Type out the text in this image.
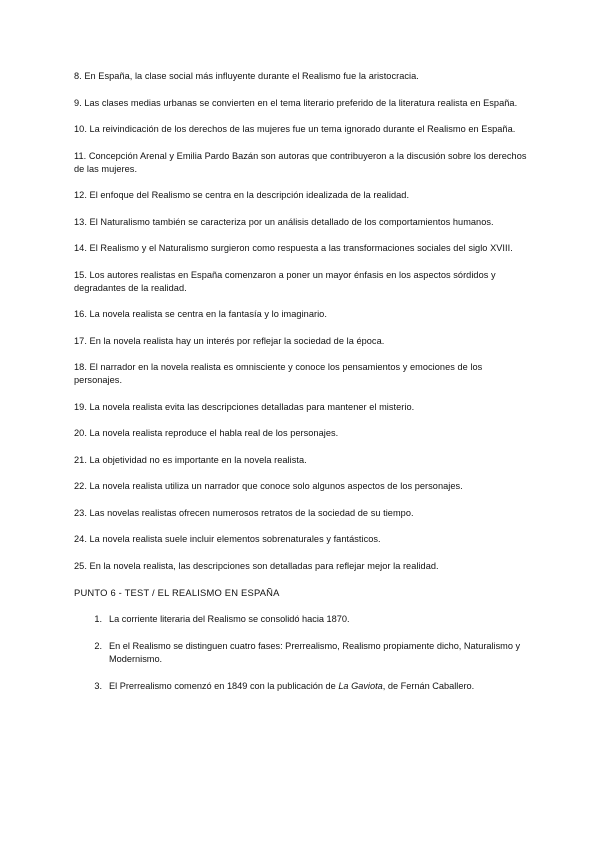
8. En España, la clase social más influyente durante el Realismo fue la aristocracia.

9. Las clases medias urbanas se convierten en el tema literario preferido de la literatura realista en España.

10. La reivindicación de los derechos de las mujeres fue un tema ignorado durante el Realismo en España.

11. Concepción Arenal y Emilia Pardo Bazán son autoras que contribuyeron a la discusión sobre los derechos de las mujeres.

12. El enfoque del Realismo se centra en la descripción idealizada de la realidad.

13. El Naturalismo también se caracteriza por un análisis detallado de los comportamientos humanos.

14. El Realismo y el Naturalismo surgieron como respuesta a las transformaciones sociales del siglo XVIII.

15. Los autores realistas en España comenzaron a poner un mayor énfasis en los aspectos sórdidos y degradantes de la realidad.

16. La novela realista se centra en la fantasía y lo imaginario.

17. En la novela realista hay un interés por reflejar la sociedad de la época.

18. El narrador en la novela realista es omnisciente y conoce los pensamientos y emociones de los personajes.

19. La novela realista evita las descripciones detalladas para mantener el misterio.

20. La novela realista reproduce el habla real de los personajes.

21. La objetividad no es importante en la novela realista.

22. La novela realista utiliza un narrador que conoce solo algunos aspectos de los personajes.

23. Las novelas realistas ofrecen numerosos retratos de la sociedad de su tiempo.

24. La novela realista suele incluir elementos sobrenaturales y fantásticos.

25. En la novela realista, las descripciones son detalladas para reflejar mejor la realidad.

PUNTO 6 - TEST / EL REALISMO EN ESPAÑA

1. La corriente literaria del Realismo se consolidó hacia 1870.
2. En el Realismo se distinguen cuatro fases: Prerrealismo, Realismo propiamente dicho, Naturalismo y Modernismo.
3. El Prerrealismo comenzó en 1849 con la publicación de La Gaviota, de Fernán Caballero.
